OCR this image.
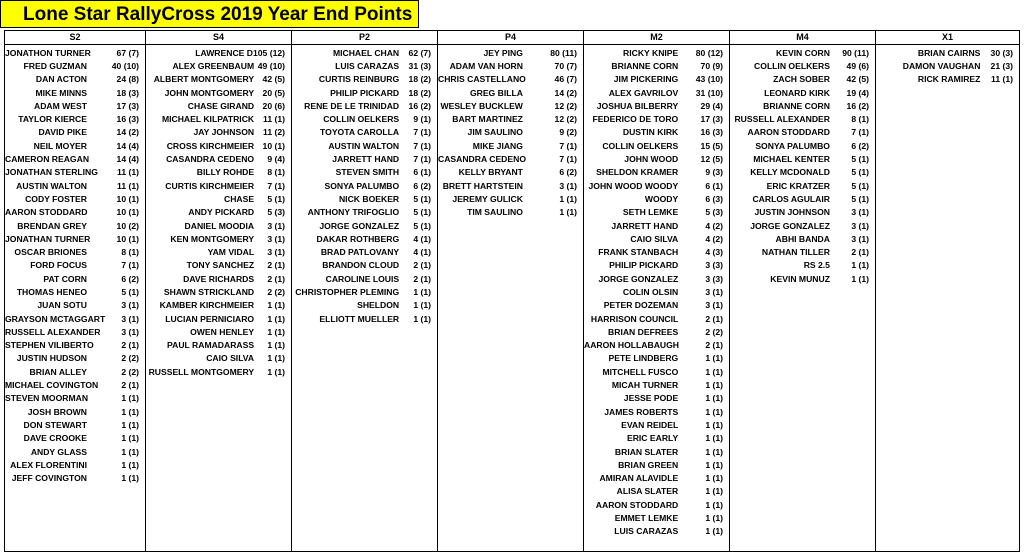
Lone Star RallyCross 2019 Year End Points
S2
JONATHON TURNER	67 (7)
FRED GUZMAN	40 (10)
DAN ACTON	24 (8)
MIKE MINNS	18 (3)
ADAM WEST	17 (3)
TAYLOR KIERCE	16 (3)
DAVID PIKE	14 (2)
NEIL MOYER	14 (4)
CAMERON REAGAN	14 (4)
JONATHAN STERLING	11 (1)
AUSTIN WALTON	11 (1)
CODY FOSTER	10 (1)
AARON STODDARD	10 (1)
BRENDAN GREY	10 (2)
JONATHAN TURNER	10 (1)
OSCAR BRIONES	8 (1)
FORD FOCUS	7 (1)
PAT CORN	6 (2)
THOMAS HENEO	5 (1)
JUAN SOTU	3 (1)
GRAYSON MCTAGGART	3 (1)
RUSSELL ALEXANDER	3 (1)
STEPHEN VILIBERTO	2 (1)
JUSTIN HUDSON	2 (2)
BRIAN ALLEY	2 (2)
MICHAEL COVINGTON	2 (1)
STEVEN MOORMAN	1 (1)
JOSH BROWN	1 (1)
DON STEWART	1 (1)
DAVE CROOKE	1 (1)
ANDY GLASS	1 (1)
ALEX FLORENTINI	1 (1)
JEFF COVINGTON	1 (1)
S4
LAWRENCE D 105 (12)
ALEX GREENBAUM 49 (10)
ALBERT MONTGOMERY 42 (5)
JOHN MONTGOMERY 20 (5)
CHASE GIRAND 20 (6)
MICHAEL KILPATRICK	11 (1)
JAY JOHNSON	11 (2)
CROSS KIRCHMEIER 10 (1)
CASANDRA CEDENO	9 (4)
BILLY ROHDE	8 (1)
CURTIS KIRCHMEIER	7 (1)
CHASE	5 (1)
ANDY PICKARD	5 (3)
DANIEL MOODIA	3 (1)
KEN MONTGOMERY	3 (1)
YAM VIDAL	3 (1)
TONY SANCHEZ	2 (1)
DAVE RICHARDS	2 (1)
SHAWN STRICKLAND	2 (2)
KAMBER KIRCHMEIER	1 (1)
LUCIAN PERNICIARO	1 (1)
OWEN HENLEY	1 (1)
PAUL RAMADARASS	1 (1)
CAIO SILVA	1 (1)
RUSSELL MONTGOMERY	1 (1)
P2
MICHAEL CHAN	62 (7)
LUIS CARAZAS	31 (3)
CURTIS REINBURG	18 (2)
PHILIP PICKARD	18 (2)
RENE DE LE TRINIDAD	16 (2)
COLLIN OELKERS	9 (1)
TOYOTA CAROLLA	7 (1)
AUSTIN WALTON	7 (1)
JARRETT HAND	7 (1)
STEVEN SMITH	6 (1)
SONYA PALUMBO	6 (2)
NICK BOEKER	5 (1)
ANTHONY TRIFOGLIO	5 (1)
JORGE GONZALEZ	5 (1)
DAKAR ROTHBERG	4 (1)
BRAD PATLOVANY	4 (1)
BRANDON CLOUD	2 (1)
CAROLINE LOUIS	2 (1)
CHRISTOPHER PLEMING	1 (1)
SHELDON	1 (1)
ELLIOTT MUELLER	1 (1)
P4
JEY PING	80 (11)
ADAM VAN HORN	70 (7)
CHRIS CASTELLANO	46 (7)
GREG BILLA	14 (2)
WESLEY BUCKLEW	12 (2)
BART MARTINEZ	12 (2)
JIM SAULINO	9 (2)
MIKE JIANG	7 (1)
CASANDRA CEDENO	7 (1)
KELLY BRYANT	6 (2)
BRETT HARTSTEIN	3 (1)
JEREMY GULICK	1 (1)
TIM SAULINO	1 (1)
M2
RICKY KNIPE	80 (12)
BRIANNE CORN	70 (9)
JIM PICKERING	43 (10)
ALEX GAVRILOV	31 (10)
JOSHUA BILBERRY	29 (4)
FEDERICO DE TORO	17 (3)
DUSTIN KIRK	16 (3)
COLLIN OELKERS	15 (5)
JOHN WOOD	12 (5)
SHELDON KRAMER	9 (3)
JOHN WOOD WOODY	6 (1)
WOODY	6 (3)
SETH LEMKE	5 (3)
JARRETT HAND	4 (2)
CAIO SILVA	4 (2)
FRANK STANBACH	4 (3)
PHILIP PICKARD	3 (3)
JORGE GONZALEZ	3 (3)
COLIN OLSIN	3 (1)
PETER DOZEMAN	3 (1)
HARRISON COUNCIL	2 (1)
BRIAN DEFREES	2 (2)
AARON HOLLABAUGH	2 (1)
PETE LINDBERG	1 (1)
MITCHELL FUSCO	1 (1)
MICAH TURNER	1 (1)
JESSE PODE	1 (1)
JAMES ROBERTS	1 (1)
EVAN REIDEL	1 (1)
ERIC EARLY	1 (1)
BRIAN SLATER	1 (1)
BRIAN GREEN	1 (1)
AMIRAN ALAVIDLE	1 (1)
ALISA SLATER	1 (1)
AARON STODDARD	1 (1)
EMMET LEMKE	1 (1)
LUIS CARAZAS	1 (1)
M4
KEVIN CORN	90 (11)
COLLIN OELKERS	49 (6)
ZACH SOBER	42 (5)
LEONARD KIRK	19 (4)
BRIANNE CORN	16 (2)
RUSSELL ALEXANDER	8 (1)
AARON STODDARD	7 (1)
SONYA PALUMBO	6 (2)
MICHAEL KENTER	5 (1)
KELLY MCDONALD	5 (1)
ERIC KRATZER	5 (1)
CARLOS AGULAIR	5 (1)
JUSTIN JOHNSON	3 (1)
JORGE GONZALEZ	3 (1)
ABHI BANDA	3 (1)
NATHAN TILLER	2 (1)
RS 2.5	1 (1)
KEVIN MUNUZ	1 (1)
X1
BRIAN CAIRNS	30 (3)
DAMON VAUGHAN	21 (3)
RICK RAMIREZ	11 (1)
